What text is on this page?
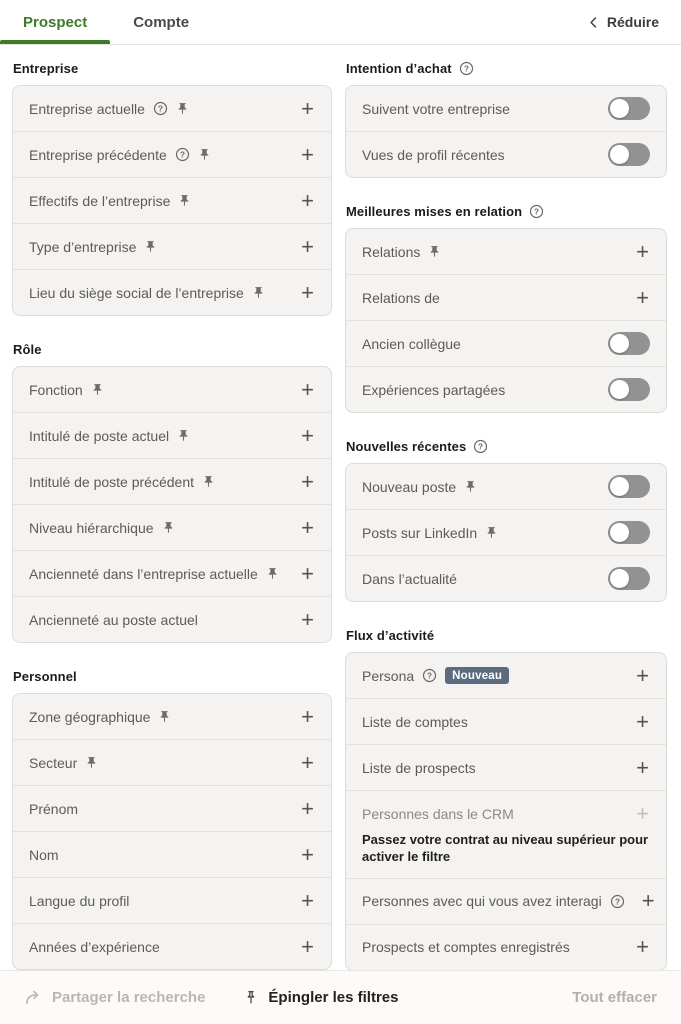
Prospect	Compte	Réduire
Entreprise
Entreprise actuelle ?	+
Entreprise précédente ?	+
Effectifs de l’entreprise	+
Type d’entreprise	+
Lieu du siège social de l’entreprise	+
Rôle
Fonction	+
Intitulé de poste actuel	+
Intitulé de poste précédent	+
Niveau hiérarchique	+
Ancienneté dans l’entreprise actuelle +
Ancienneté au poste actuel	+
Personnel
Zone géographique	+
Secteur	+
Prénom	+
Nom	+
Langue du profil	+
Années d’expérience	+
Intention d’achat ?
Suivent votre entreprise
Vues de profil récentes
Meilleures mises en relation ?
Relations	+
Relations de	+
Ancien collègue
Expériences partagées
Nouvelles récentes ?
Nouveau poste
Posts sur LinkedIn
Dans l’actualité
Flux d’activité
Persona ?	Nouveau	+
Liste de comptes	+
Liste de prospects	+
Personnes dans le CRM	+
Passez votre contrat au niveau supérieur pour activer le filtre
Personnes avec qui vous avez interagi ? +
Prospects et comptes enregistrés	+
Partager la recherche	Épingler les filtres	Tout effacer
